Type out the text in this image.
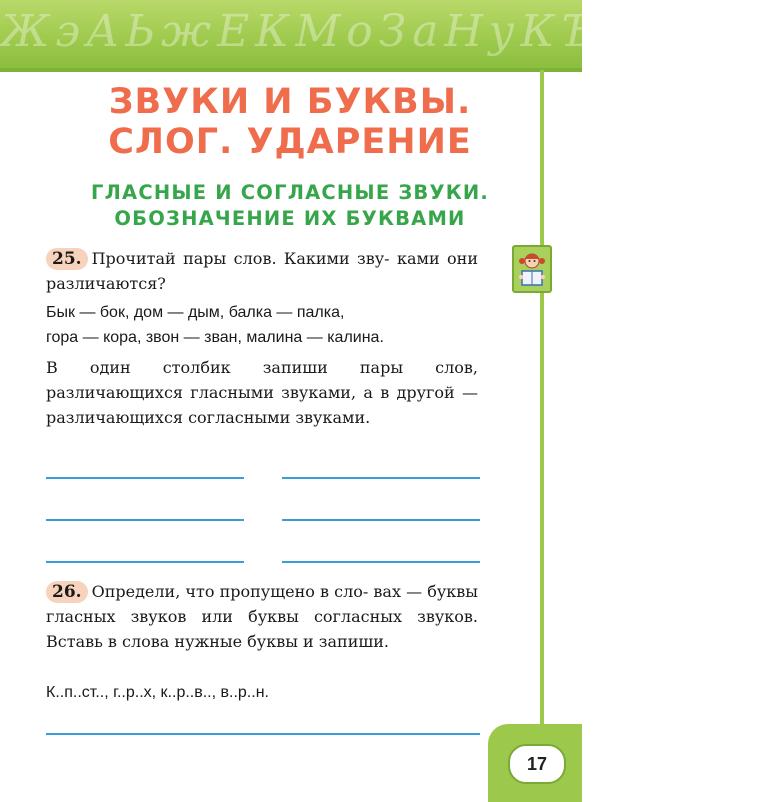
ЖэАЬжЕКМоЗаНуКЪЖзАт
ЗВУКИ И БУКВЫ.
СЛОГ. УДАРЕНИЕ
ГЛАСНЫЕ И СОГЛАСНЫЕ ЗВУКИ.
ОБОЗНАЧЕНИЕ ИХ БУКВАМИ
25. Прочитай пары слов. Какими зву- ками они различаются?
Бык — бок, дом — дым, балка — палка,
гора — кора, звон — зван, малина — калина.
В один столбик запиши пары слов, различающихся гласными звуками, а в другой — различающихся согласными звуками.
26. Определи, что пропущено в сло- вах — буквы гласных звуков или буквы согласных звуков. Вставь в слова нужные буквы и запиши.
К..п..ст.., г..р..х, к..р..в.., в..р..н.
17
